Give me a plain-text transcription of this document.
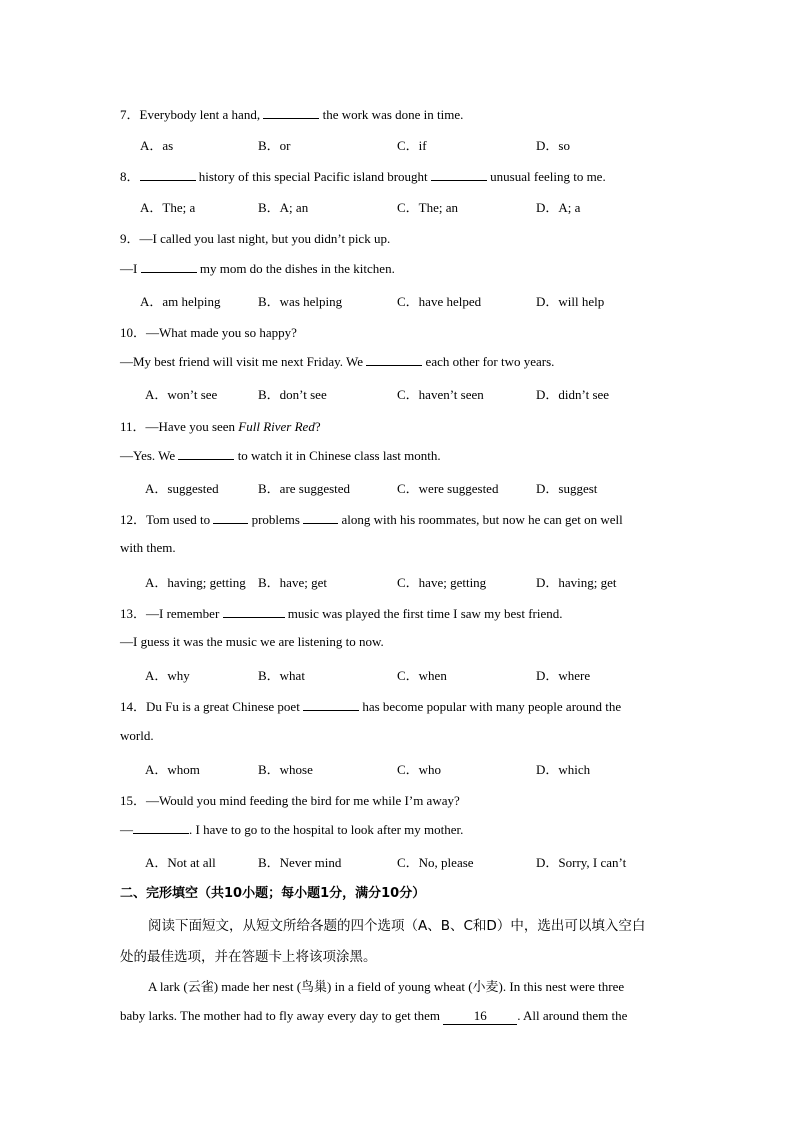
7．Everybody lent a hand,	the work was done in time.
A．as	B．or	C．if	D．so
8．	history of this special Pacific island brought	unusual feeling to me.
A．The; a	B．A; an	C．The; an	D．A; a
9．—I called you last night, but you didn’t pick up.
—I	my mom do the dishes in the kitchen.
A．am helping	B．was helping	C．have helped	D．will help
10．—What made you so happy?
—My best friend will visit me next Friday. We	each other for two years.
A．won’t see	B．don’t see	C．haven’t seen	D．didn’t see
11．—Have you seen Full River Red?
—Yes. We	to watch it in Chinese class last month.
A．suggested	B．are suggested	C．were suggested	D．suggest
12．Tom used to	problems	along with his roommates, but now he can get on well
with them.
A．having; getting B．have; get	C．have; getting	D．having; get
13．—I remember	music was played the first time I saw my best friend.
—I guess it was the music we are listening to now.
A．why	B．what	C．when	D．where
14．Du Fu is a great Chinese poet	has become popular with many people around the
world.
A．whom	B．whose	C．who	D．which
15．—Would you mind feeding the bird for me while I’m away?
—	. I have to go to the hospital to look after my mother.
A．Not at all	B．Never mind	C．No, please	D．Sorry, I can’t
二、完形填空（共10小题；每小题1分，满分10分）
阅读下面短文，从短文所给各题的四个选项（A、B、C和D）中，选出可以填入空白
处的最佳选项，并在答题卡上将该项涂黑。
A lark (云雀) made her nest (鸟巢) in a field of young wheat (小麦). In this nest were three
baby larks. The mother had to fly away every day to get them 16 . All around them the
